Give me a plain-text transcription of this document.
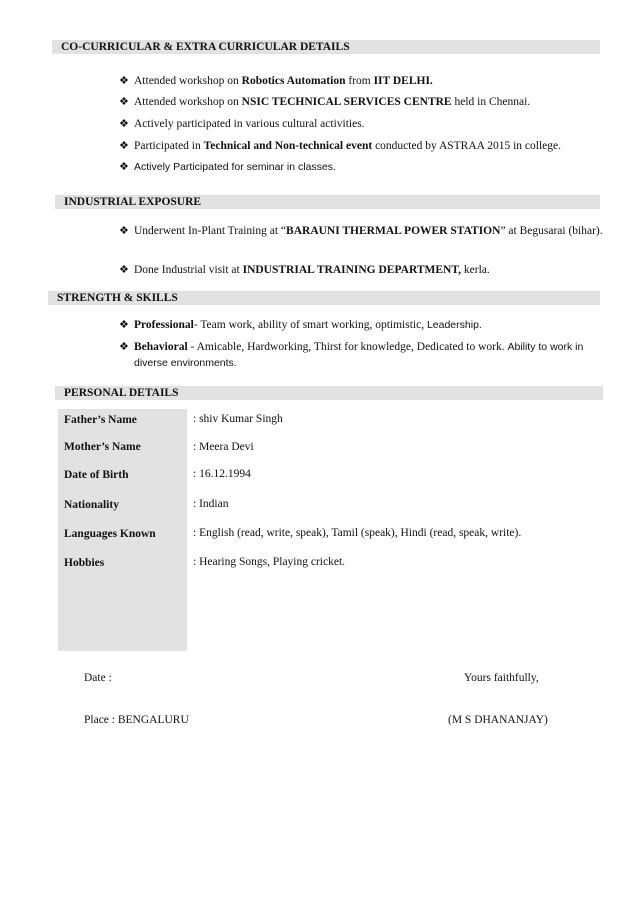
CO-CURRICULAR & EXTRA CURRICULAR DETAILS
❖ Attended workshop on Robotics Automation from IIT DELHI.
❖ Attended workshop on NSIC TECHNICAL SERVICES CENTRE held in Chennai.
❖ Actively participated in various cultural activities.
❖ Participated in Technical and Non-technical event conducted by ASTRAA 2015 in college.
❖ Actively Participated for seminar in classes.
INDUSTRIAL EXPOSURE
❖ Underwent In-Plant Training at “BARAUNI THERMAL POWER STATION” at Begusarai (bihar).
❖ Done Industrial visit at INDUSTRIAL TRAINING DEPARTMENT, kerla.
STRENGTH & SKILLS
❖ Professional- Team work, ability of smart working, optimistic, Leadership.
❖ Behavioral - Amicable, Hardworking, Thirst for knowledge, Dedicated to work. Ability to work in diverse environments.
PERSONAL DETAILS
Father’s Name	: shiv Kumar Singh
Mother’s Name	: Meera Devi
Date of Birth	: 16.12.1994
Nationality	: Indian
Languages Known	: English (read, write, speak), Tamil (speak), Hindi (read, speak, write).
Hobbies	: Hearing Songs, Playing cricket.
Date :	Yours faithfully,
Place : BENGALURU	(M S DHANANJAY)
